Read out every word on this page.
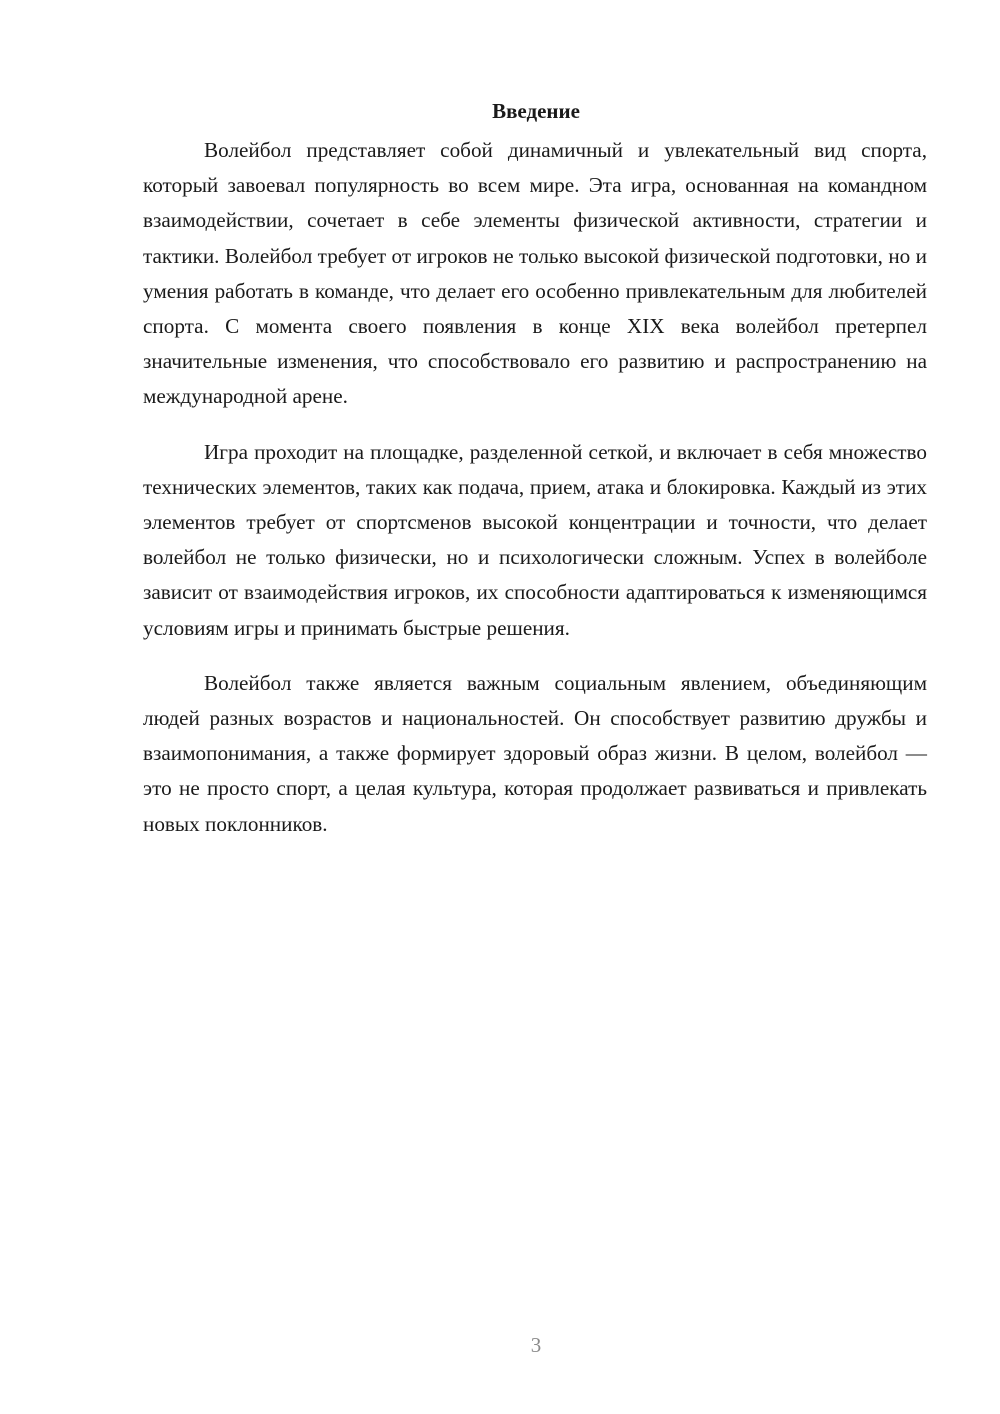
Введение

Волейбол представляет собой динамичный и увлекательный вид спорта, который завоевал популярность во всем мире. Эта игра, основанная на командном взаимодействии, сочетает в себе элементы физической активности, стратегии и тактики. Волейбол требует от игроков не только высокой физической подготовки, но и умения работать в команде, что делает его особенно привлекательным для любителей спорта. С момента своего появления в конце XIX века волейбол претерпел значительные изменения, что способствовало его развитию и распространению на международной арене.

Игра проходит на площадке, разделенной сеткой, и включает в себя множество технических элементов, таких как подача, прием, атака и блокировка. Каждый из этих элементов требует от спортсменов высокой концентрации и точности, что делает волейбол не только физически, но и психологически сложным. Успех в волейболе зависит от взаимодействия игроков, их способности адаптироваться к изменяющимся условиям игры и принимать быстрые решения.

Волейбол также является важным социальным явлением, объединяющим людей разных возрастов и национальностей. Он способствует развитию дружбы и взаимопонимания, а также формирует здоровый образ жизни. В целом, волейбол — это не просто спорт, а целая культура, которая продолжает развиваться и привлекать новых поклонников.

3
